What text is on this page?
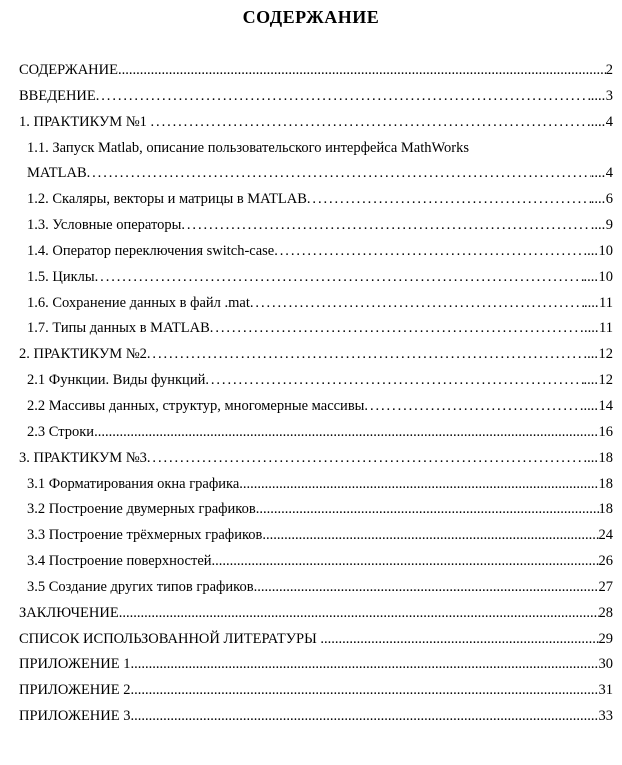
СОДЕРЖАНИЕ
СОДЕРЖАНИЕ .....	2
ВВЕДЕНИЕ ..... .....	3
1. ПРАКТИКУМ №1 ..... .....	4
1.1. Запуск Matlab, описание пользовательского интерфейса MathWorks
MATLAB ..... .....	4
1.2. Скаляры, векторы и матрицы в MATLAB ..... .....	6
1.3. Условные операторы ..... .....	9
1.4. Оператор переключения switch-case ..... .....	10
1.5. Циклы ..... .....	10
1.6. Сохранение данных в файл .mat ..... .....	11
1.7. Типы данных в MATLAB ..... .....	11
2. ПРАКТИКУМ №2 ..... .....	12
2.1 Функции. Виды функций ..... .....	12
2.2 Массивы данных, структур, многомерные массивы ..... .....	14
2.3 Строки .....	16
3. ПРАКТИКУМ №3 ..... .....	18
3.1 Форматирования окна графика .....	18
3.2 Построение двумерных графиков .....	18
3.3 Построение трёхмерных графиков .....	24
3.4 Построение поверхностей .....	26
3.5 Создание других типов графиков .....	27
ЗАКЛЮЧЕНИЕ .....	28
СПИСОК ИСПОЛЬЗОВАННОЙ ЛИТЕРАТУРЫ .....	29
ПРИЛОЖЕНИЕ 1 .....	30
ПРИЛОЖЕНИЕ 2 .....	31
ПРИЛОЖЕНИЕ 3 .....	33
